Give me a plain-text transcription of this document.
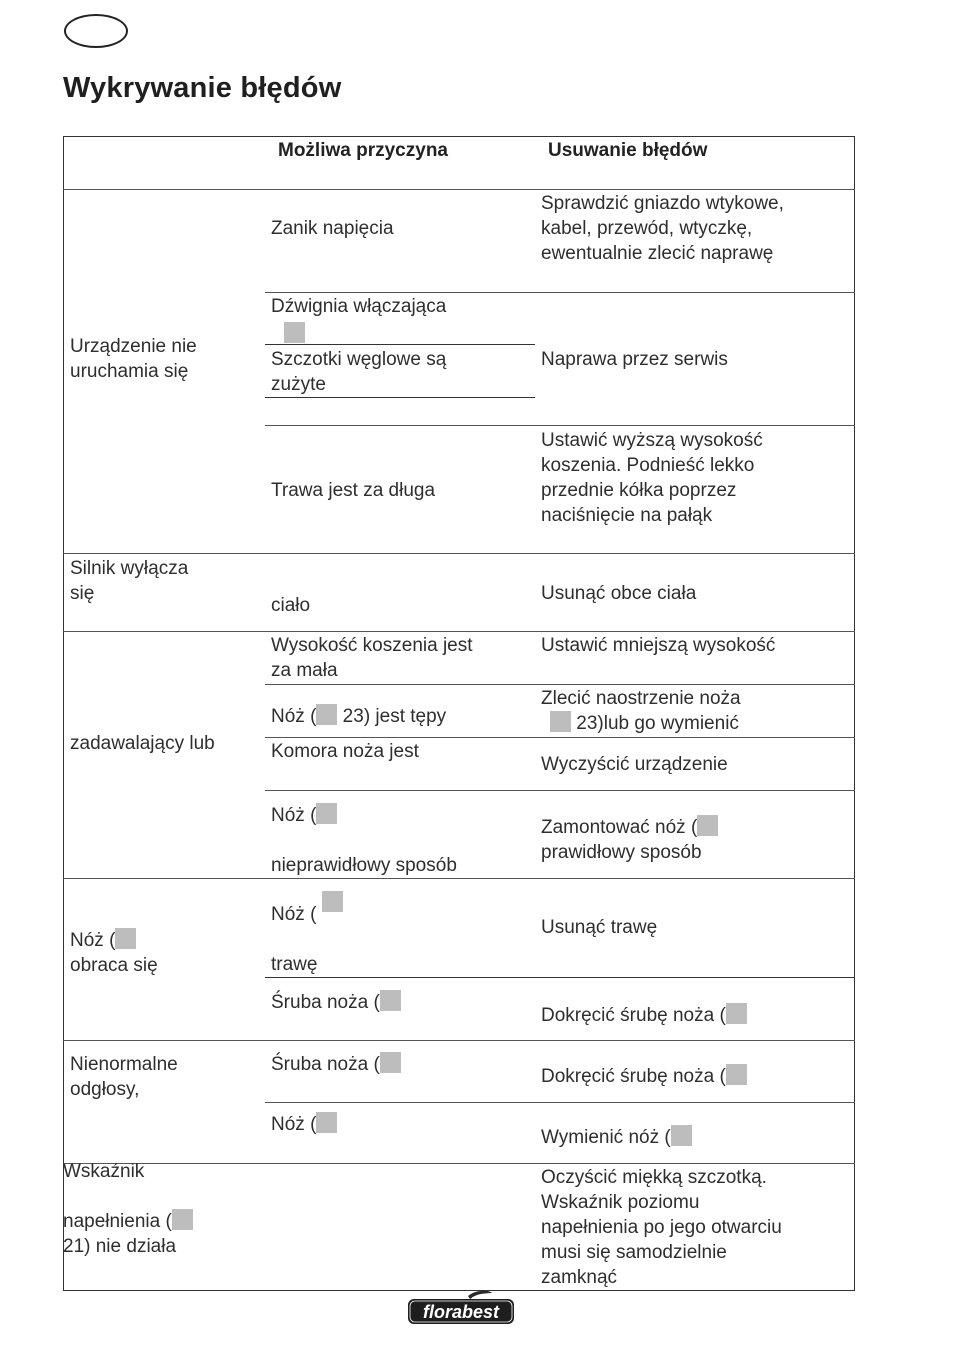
Wykrywanie błędów
Możliwa przyczyna	Usuwanie błędów
Urządzenie nie
uruchamia się
Zanik napięcia
Sprawdzić gniazdo wtykowe,
kabel, przewód, wtyczkę,
ewentualnie zlecić naprawę
Dźwignia włączająca
Szczotki węglowe są
zużyte
Naprawa przez serwis
Trawa jest za długa
Ustawić wyższą wysokość
koszenia. Podnieść lekko
przednie kółka poprzez
naciśnięcie na pałąk
Silnik wyłącza
się
ciało
Usunąć obce ciała
zadawalający lub
Wysokość koszenia jest
za mała
Ustawić mniejszą wysokość
Nóż ( 23) jest tępy
Zlecić naostrzenie noża
23)lub go wymienić
Komora noża jest
Wyczyścić urządzenie
Nóż (
nieprawidłowy sposób
Zamontować nóż (
prawidłowy sposób
Nóż (
obraca się
Nóż (
trawę
Usunąć trawę
Śruba noża (
Dokręcić śrubę noża (
Nienormalne
odgłosy,
Śruba noża (
Dokręcić śrubę noża (
Nóż (
Wymienić nóż (
Wskaźnik
napełnienia (
21) nie działa
Oczyścić miękką szczotką.
Wskaźnik poziomu
napełnienia po jego otwarciu
musi się samodzielnie
zamknąć
florabest
